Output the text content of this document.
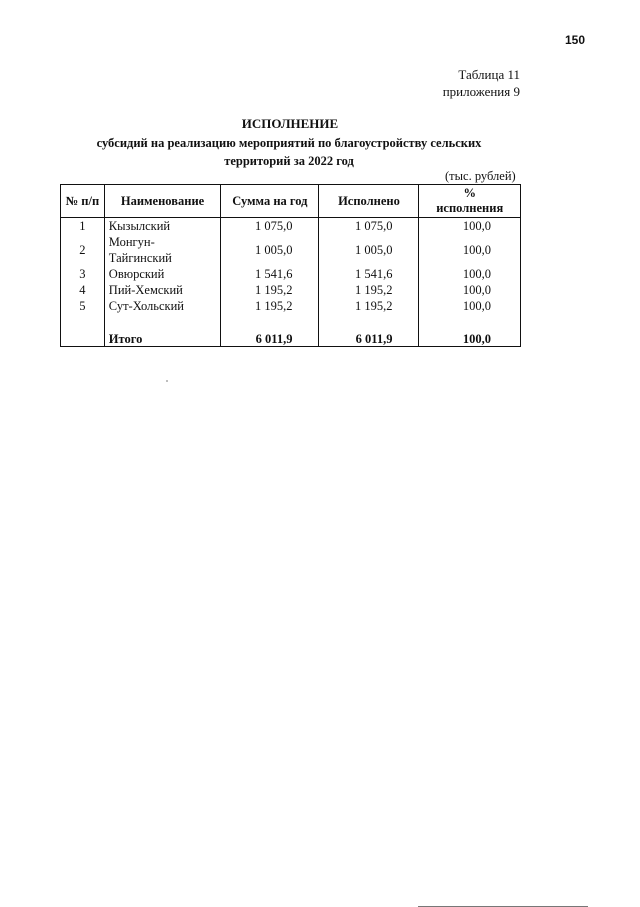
150
Таблица 11
приложения 9
ИСПОЛНЕНИЕ
субсидий на реализацию мероприятий по благоустройству сельских
территорий за 2022 год
(тыс. рублей)
№ п/п	Наименование	Сумма на год	Исполнено	%
исполнения

1	Кызылский	1 075,0	1 075,0	100,0
2	Монгун-Тайгинский	1 005,0	1 005,0	100,0
3	Овюрский	1 541,6	1 541,6	100,0
4	Пий-Хемский	1 195,2	1 195,2	100,0
5	Сут-Хольский	1 195,2	1 195,2	100,0

	Итого	6 011,9	6 011,9	100,0
